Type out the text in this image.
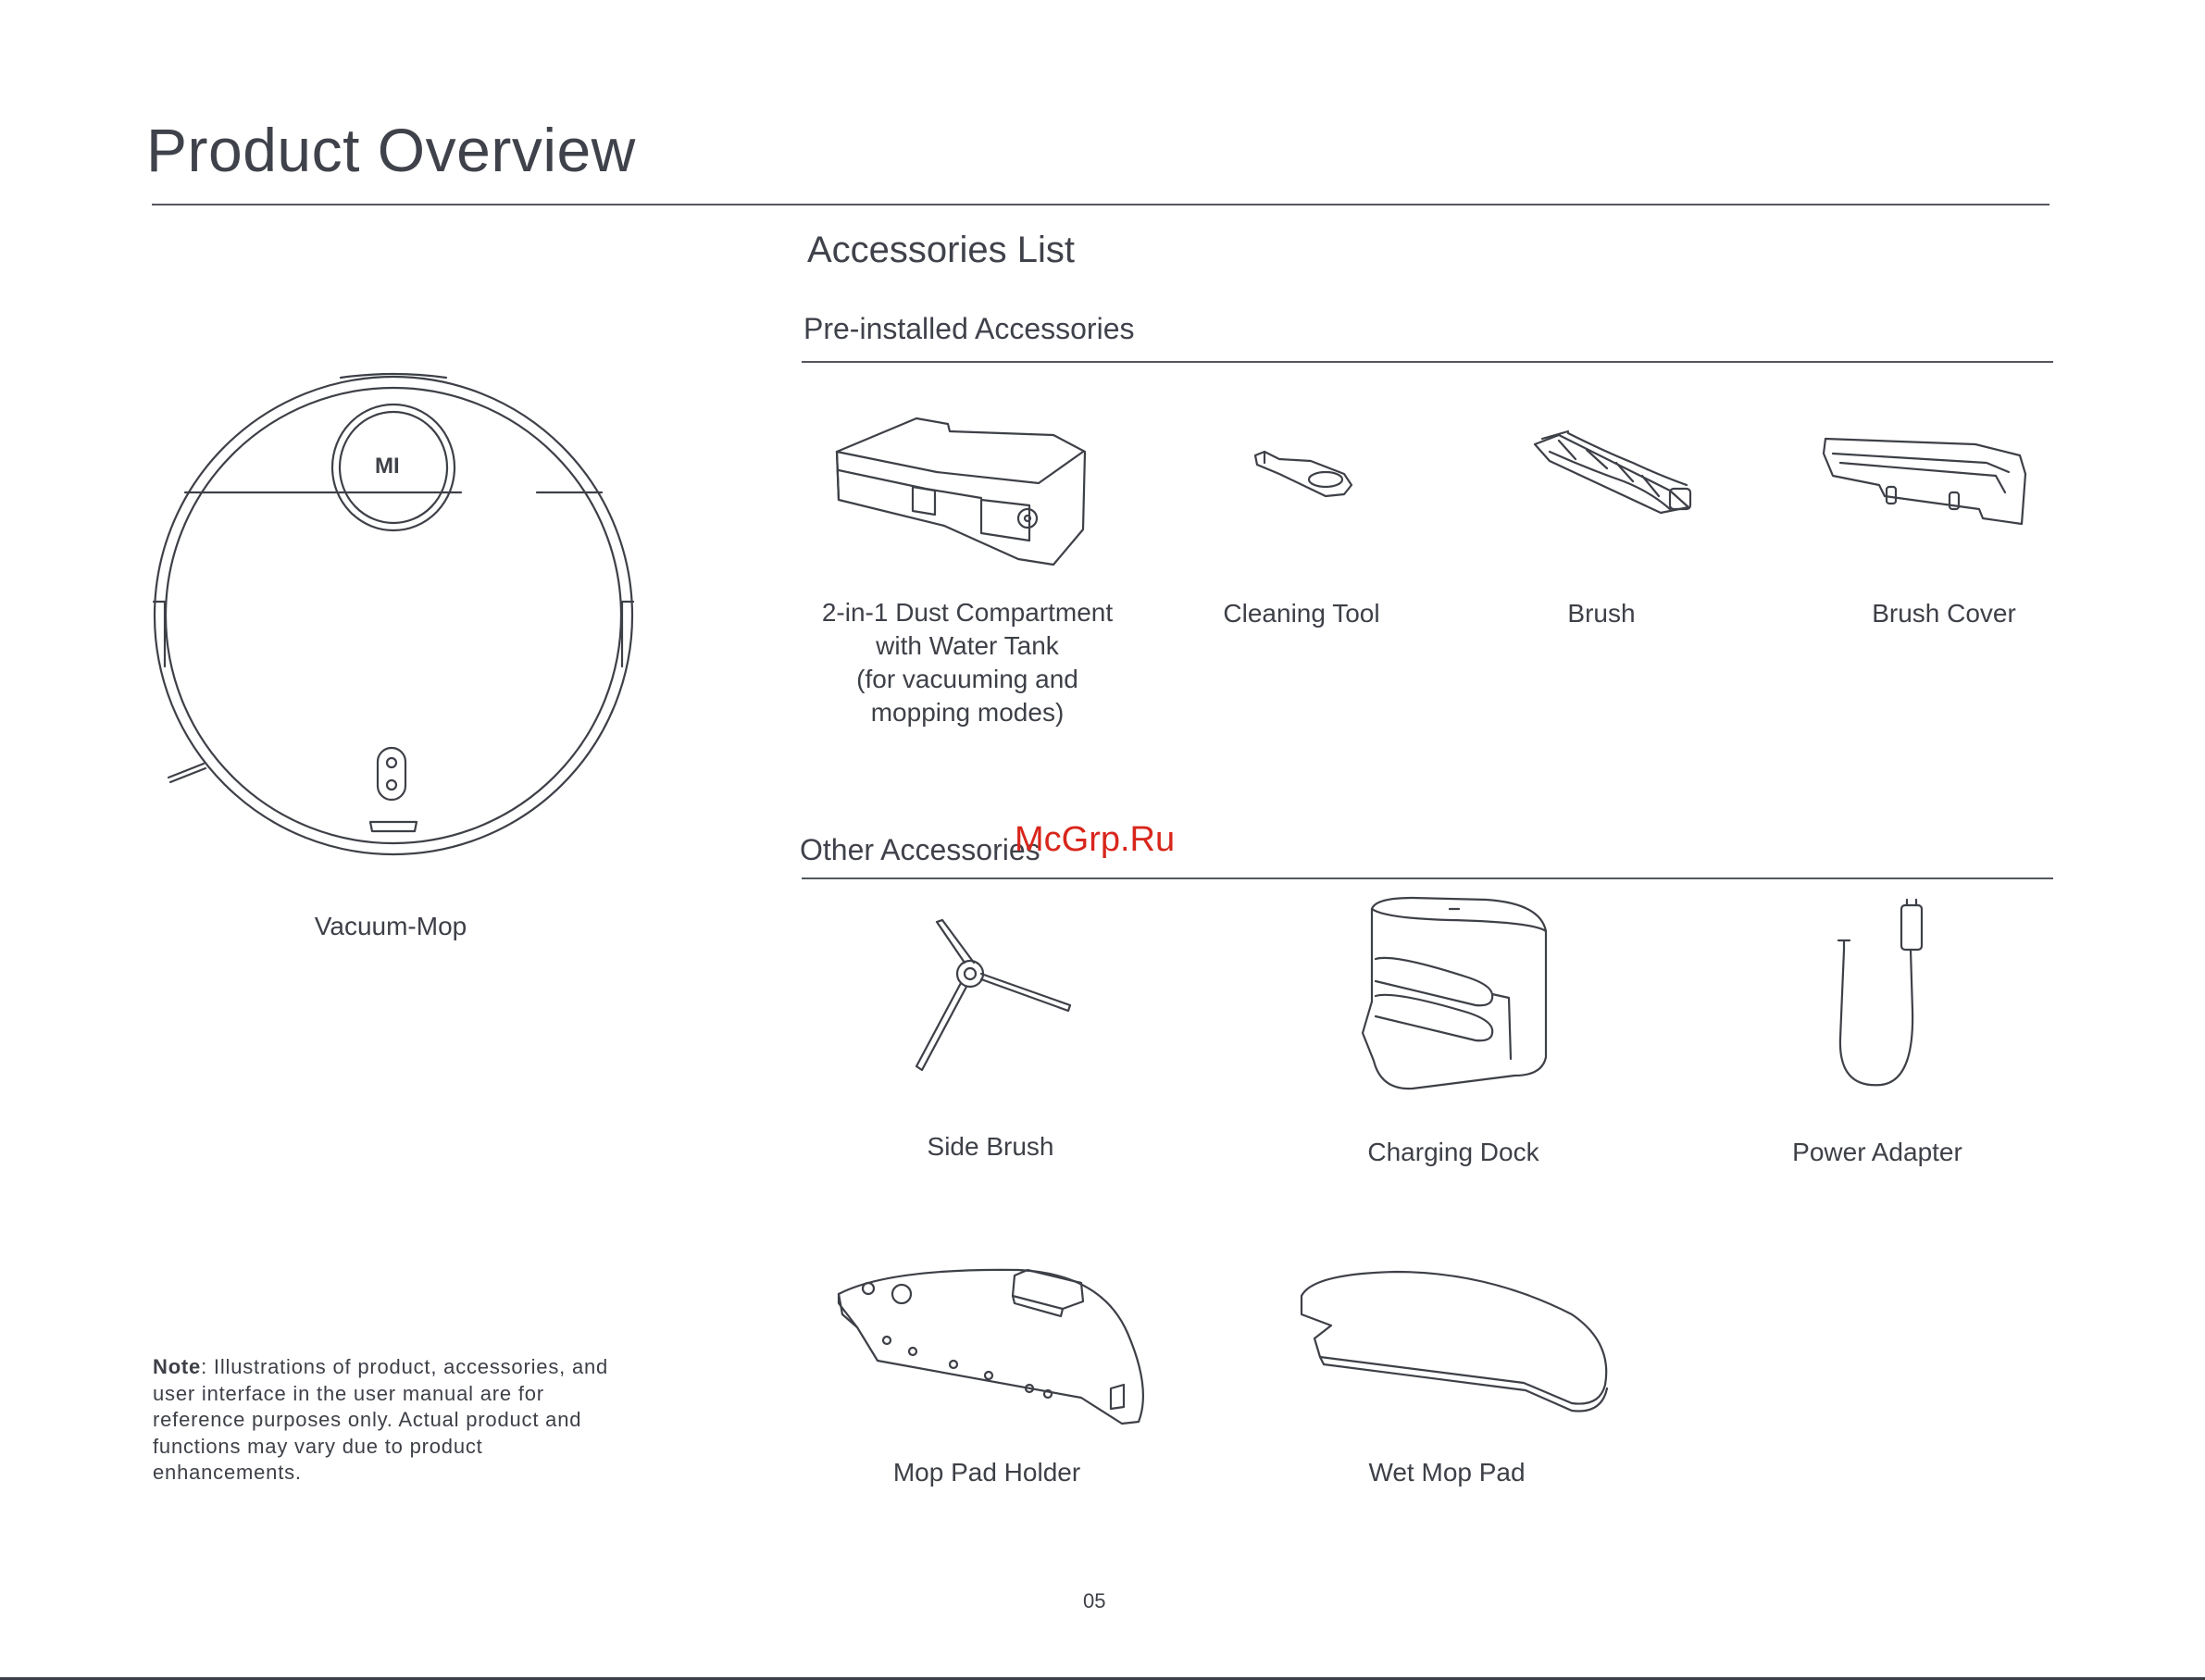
Product Overview
MI
Vacuum-Mop
Accessories List
Pre-installed Accessories
2-in-1 Dust Compartment
with Water Tank
(for vacuuming and
mopping modes)
Cleaning Tool	Brush	Brush Cover
Other Accessories
McGrp.Ru
Side Brush	Charging Dock	Power Adapter
Mop Pad Holder	Wet Mop Pad
Note: Illustrations of product, accessories, and user interface in the user manual are for reference purposes only. Actual product and functions may vary due to product enhancements.
05
